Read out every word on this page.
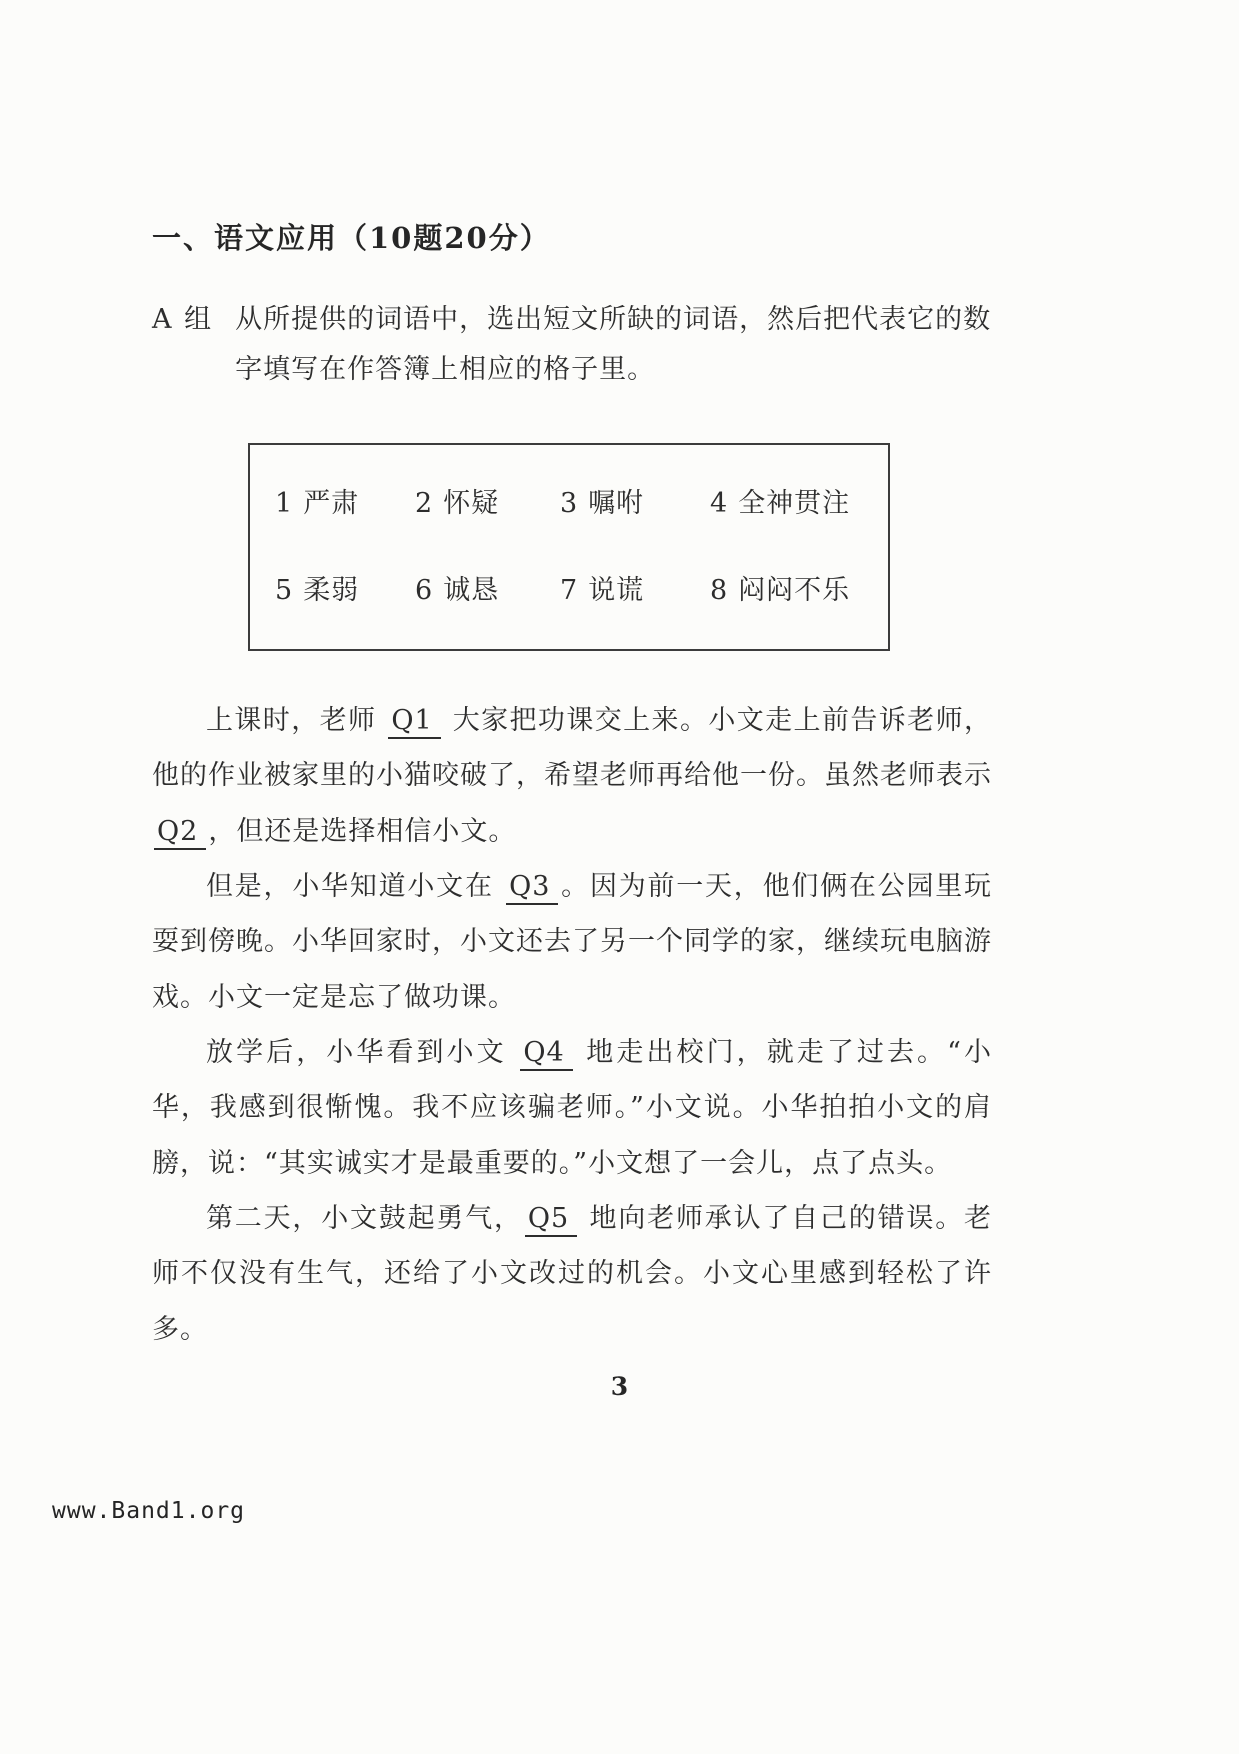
一、语文应用（10题20分）
A 组 从所提供的词语中，选出短文所缺的词语，然后把代表它的数字填写在作答簿上相应的格子里。
1 严肃	2 怀疑	3 嘱咐	4 全神贯注
5 柔弱	6 诚恳	7 说谎	8 闷闷不乐

上课时，老师 Q1 大家把功课交上来。小文走上前告诉老师，他的作业被家里的小猫咬破了，希望老师再给他一份。虽然老师表示 Q2 ，但还是选择相信小文。

但是，小华知道小文在 Q3 。因为前一天，他们俩在公园里玩耍到傍晚。小华回家时，小文还去了另一个同学的家，继续玩电脑游戏。小文一定是忘了做功课。

放学后，小华看到小文 Q4 地走出校门，就走了过去。“小华，我感到很惭愧。我不应该骗老师。”小文说。小华拍拍小文的肩膀，说：“其实诚实才是最重要的。”小文想了一会儿，点了点头。

第二天，小文鼓起勇气， Q5 地向老师承认了自己的错误。老师不仅没有生气，还给了小文改过的机会。小文心里感到轻松了许多。

3
www.Band1.org
